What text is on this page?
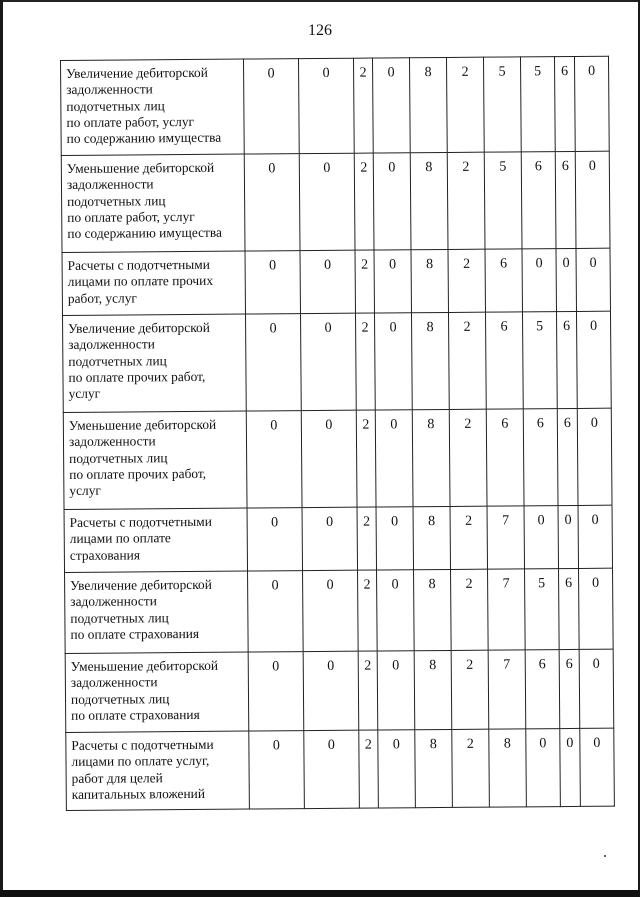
126
Увеличение дебиторской
задолженности
подотчетных лиц
по оплате работ, услуг
по содержанию имущества	0	0	2	0	8	2	5	5	6	0
Уменьшение дебиторской
задолженности
подотчетных лиц
по оплате работ, услуг
по содержанию имущества	0	0	2	0	8	2	5	6	6	0
Расчеты с подотчетными
лицами по оплате прочих
работ, услуг	0	0	2	0	8	2	6	0	0	0
Увеличение дебиторской
задолженности
подотчетных лиц
по оплате прочих работ,
услуг	0	0	2	0	8	2	6	5	6	0
Уменьшение дебиторской
задолженности
подотчетных лиц
по оплате прочих работ,
услуг	0	0	2	0	8	2	6	6	6	0
Расчеты с подотчетными
лицами по оплате
страхования	0	0	2	0	8	2	7	0	0	0
Увеличение дебиторской
задолженности
подотчетных лиц
по оплате страхования	0	0	2	0	8	2	7	5	6	0
Уменьшение дебиторской
задолженности
подотчетных лиц
по оплате страхования	0	0	2	0	8	2	7	6	6	0
Расчеты с подотчетными
лицами по оплате услуг,
работ для целей
капитальных вложений	0	0	2	0	8	2	8	0	0	0
